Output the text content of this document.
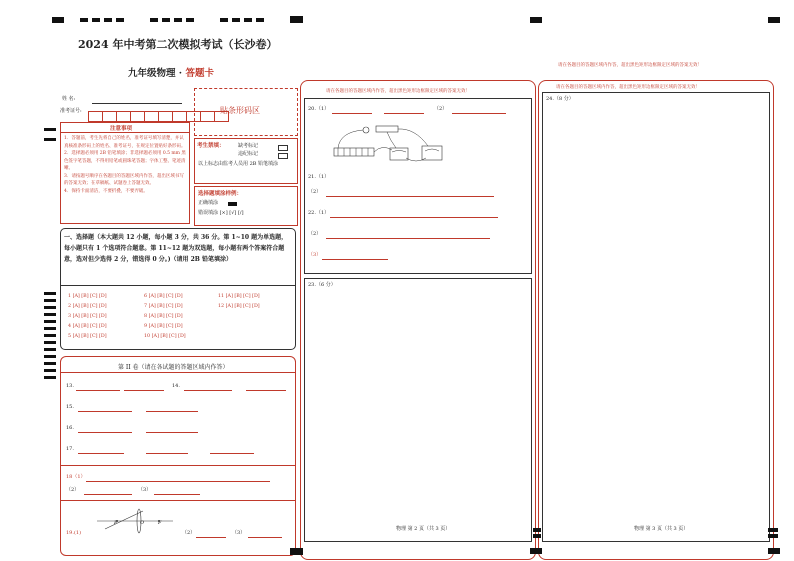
2024 年中考第二次模拟考试（长沙卷）
九年级物理 · 答题卡
请在各题目的答题区域内作答，超出黑色矩形边框限定区域的答案无效！
姓 名:
准考证号:	贴条形码区
注意事项
1．答题前，考生先将自己的姓名，准考证号填写清楚，并认真核准条形码上的姓名、准考证号，在规定位置贴好条形码。
2．选择题必须用 2B 铅笔填涂；非选择题必须用 0.5 mm 黑色签字笔答题，不得用铅笔或圆珠笔答题；字体工整、笔迹清晰。
3．请按题号顺序在各题目的答题区域内作答，超出区域书写的答案无效；在草稿纸、试题卷上答题无效。
4．保持卡面清洁，不要折叠，不要弄破。
考生禁填：	缺考标记
违纪标记
以上标志由监考人员用 2B 铅笔填涂
选择题填涂样例：
正确填涂
错误填涂 [×] [√] [/]
一、选择题（本大题共 12 小题，每小题 3 分，共 36 分。第 1~10 题为单选题，每小题只有 1 个选项符合题意。第 11~12 题为双选题，每小题有两个答案符合题意，选对但少选得 2 分，错选得 0 分。)（请用 2B 铅笔填涂）
1 [A] [B] [C] [D]
2 [A] [B] [C] [D]
3 [A] [B] [C] [D]
4 [A] [B] [C] [D]
5 [A] [B] [C] [D]
6 [A] [B] [C] [D]
7 [A] [B] [C] [D]
8 [A] [B] [C] [D]
9 [A] [B] [C] [D]
10 [A] [B] [C] [D]
11 [A] [B] [C] [D]
12 [A] [B] [C] [D]
第 II 卷（请在各试题的答题区域内作答）
13.	14.
15.
16.
17.
18（1）
（2）	（3）
F	O	F
19.(1)	（2）	（3）
请在各题目的答题区域内作答，超出黑色矩形边框限定区域的答案无效！
20.（1）	（2）
21.（1）
（2）
22.（1）
（2）
（3）
23.（6 分）
物理 第 2 页（共 3 页）
请在各题目的答题区域内作答，超出黑色矩形边框限定区域的答案无效！
24.（8 分）
物理 第 3 页（共 3 页）
